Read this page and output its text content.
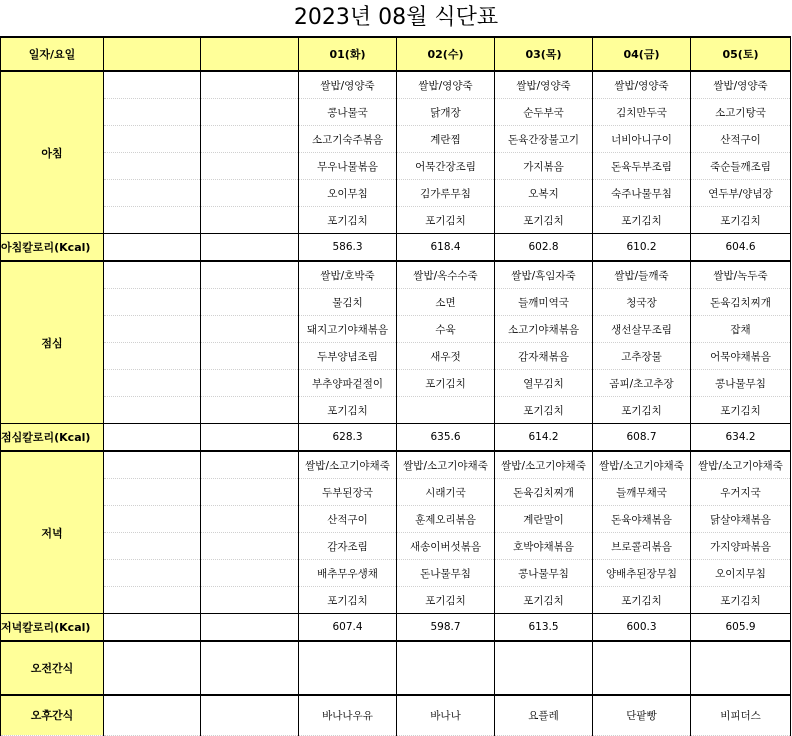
2023년 08월 식단표
일자/요일			01(화)	02(수)	03(목)	04(금)	05(토)
아침			쌀밥/영양죽	쌀밥/영양죽	쌀밥/영양죽	쌀밥/영양죽	쌀밥/영양죽
			콩나물국	닭개장	순두부국	김치만두국	소고기탕국
			소고기숙주볶음	계란찜	돈육간장불고기	너비아니구이	산적구이
			무우나물볶음	어묵간장조림	가지볶음	돈육두부조림	죽순들깨조림
			오이무침	김가루무침	오복지	숙주나물무침	연두부/양념장
			포기김치	포기김치	포기김치	포기김치	포기김치
아침칼로리(Kcal)			586.3	618.4	602.8	610.2	604.6
점심			쌀밥/호박죽	쌀밥/옥수수죽	쌀밥/흑임자죽	쌀밥/들깨죽	쌀밥/녹두죽
			물김치	소면	들깨미역국	청국장	돈육김치찌개
			돼지고기야채볶음	수육	소고기야채볶음	생선살무조림	잡채
			두부양념조림	새우젓	감자채볶음	고추장물	어묵야채볶음
			부추양파겉절이	포기김치	열무김치	곰피/초고추장	콩나물무침
			포기김치		포기김치	포기김치	포기김치
점심칼로리(Kcal)			628.3	635.6	614.2	608.7	634.2
저녁			쌀밥/소고기야채죽	쌀밥/소고기야채죽	쌀밥/소고기야채죽	쌀밥/소고기야채죽	쌀밥/소고기야채죽
			두부된장국	시래기국	돈육김치찌개	들깨무채국	우거지국
			산적구이	훈제오리볶음	계란말이	돈육야채볶음	닭살야채볶음
			감자조림	새송이버섯볶음	호박야채볶음	브로콜리볶음	가지양파볶음
			배추무우생채	돈나물무침	콩나물무침	양배추된장무침	오이지무침
			포기김치	포기김치	포기김치	포기김치	포기김치
저녁칼로리(Kcal)			607.4	598.7	613.5	600.3	605.9
오전간식							
오후간식			바나나우유	바나나	요플레	단팥빵	비피더스
